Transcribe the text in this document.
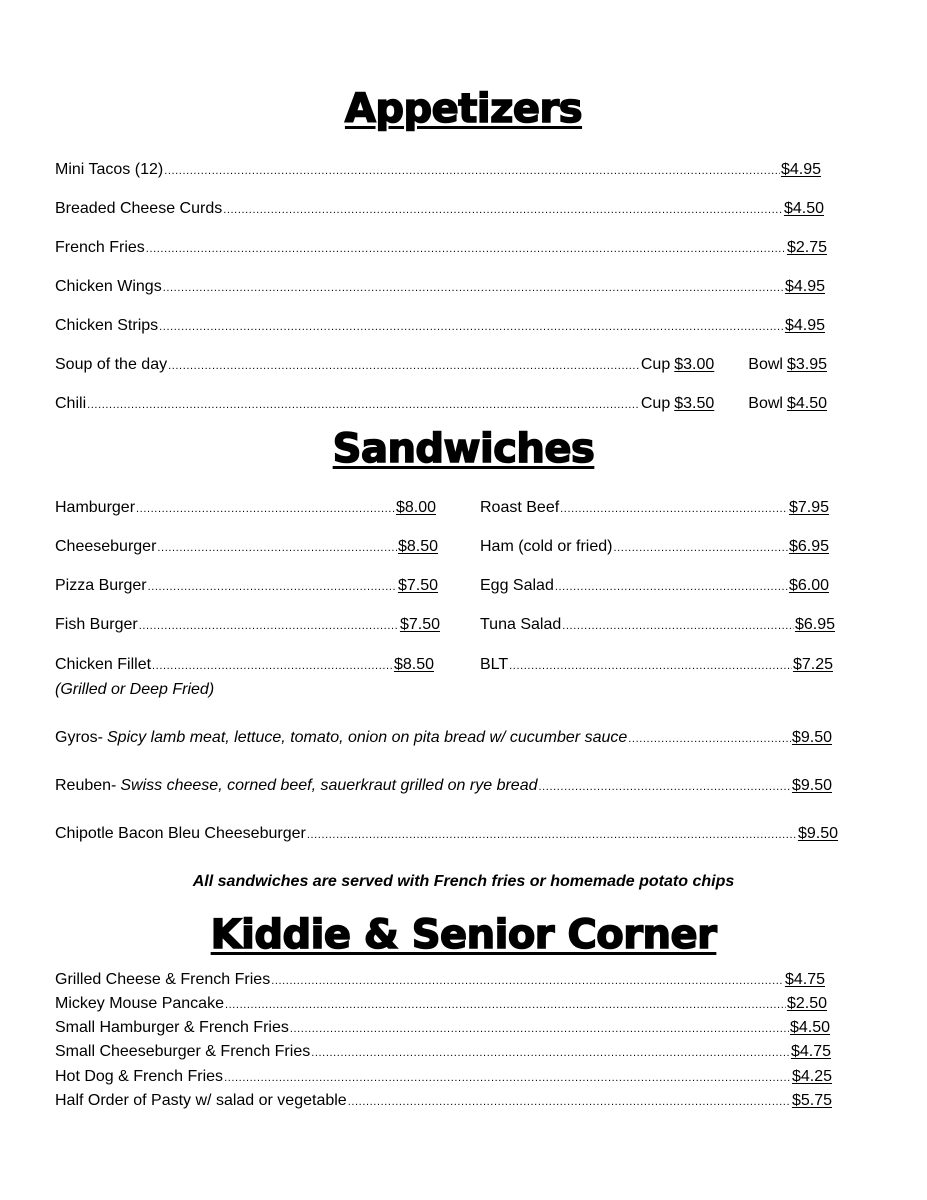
Appetizers
Mini Tacos (12) .....	$4.95
Breaded Cheese Curds .....	$4.50
French Fries .....	$2.75
Chicken Wings .....	$4.95
Chicken Strips .....	$4.95
Soup of the day .....	Cup $3.00 Bowl $3.95
Chili .....	Cup $3.50 Bowl $4.50
Sandwiches
Hamburger .....	$8.00
Cheeseburger .....	$8.50
Pizza Burger .....	$7.50
Fish Burger .....	$7.50
Chicken Fillet .....	$8.50
(Grilled or Deep Fried)
Roast Beef .....	$7.95
Ham (cold or fried) .....	$6.95
Egg Salad .....	$6.00
Tuna Salad .....	$6.95
BLT .....	$7.25
Gyros- Spicy lamb meat, lettuce, tomato, onion on pita bread w/ cucumber sauce .....	$9.50
Reuben- Swiss cheese, corned beef, sauerkraut grilled on rye bread .....	$9.50
Chipotle Bacon Bleu Cheeseburger .....	$9.50
All sandwiches are served with French fries or homemade potato chips
Kiddie & Senior Corner
Grilled Cheese & French Fries .....	$4.75
Mickey Mouse Pancake .....	$2.50
Small Hamburger & French Fries .....	$4.50
Small Cheeseburger & French Fries .....	$4.75
Hot Dog & French Fries .....	$4.25
Half Order of Pasty w/ salad or vegetable .....	$5.75
